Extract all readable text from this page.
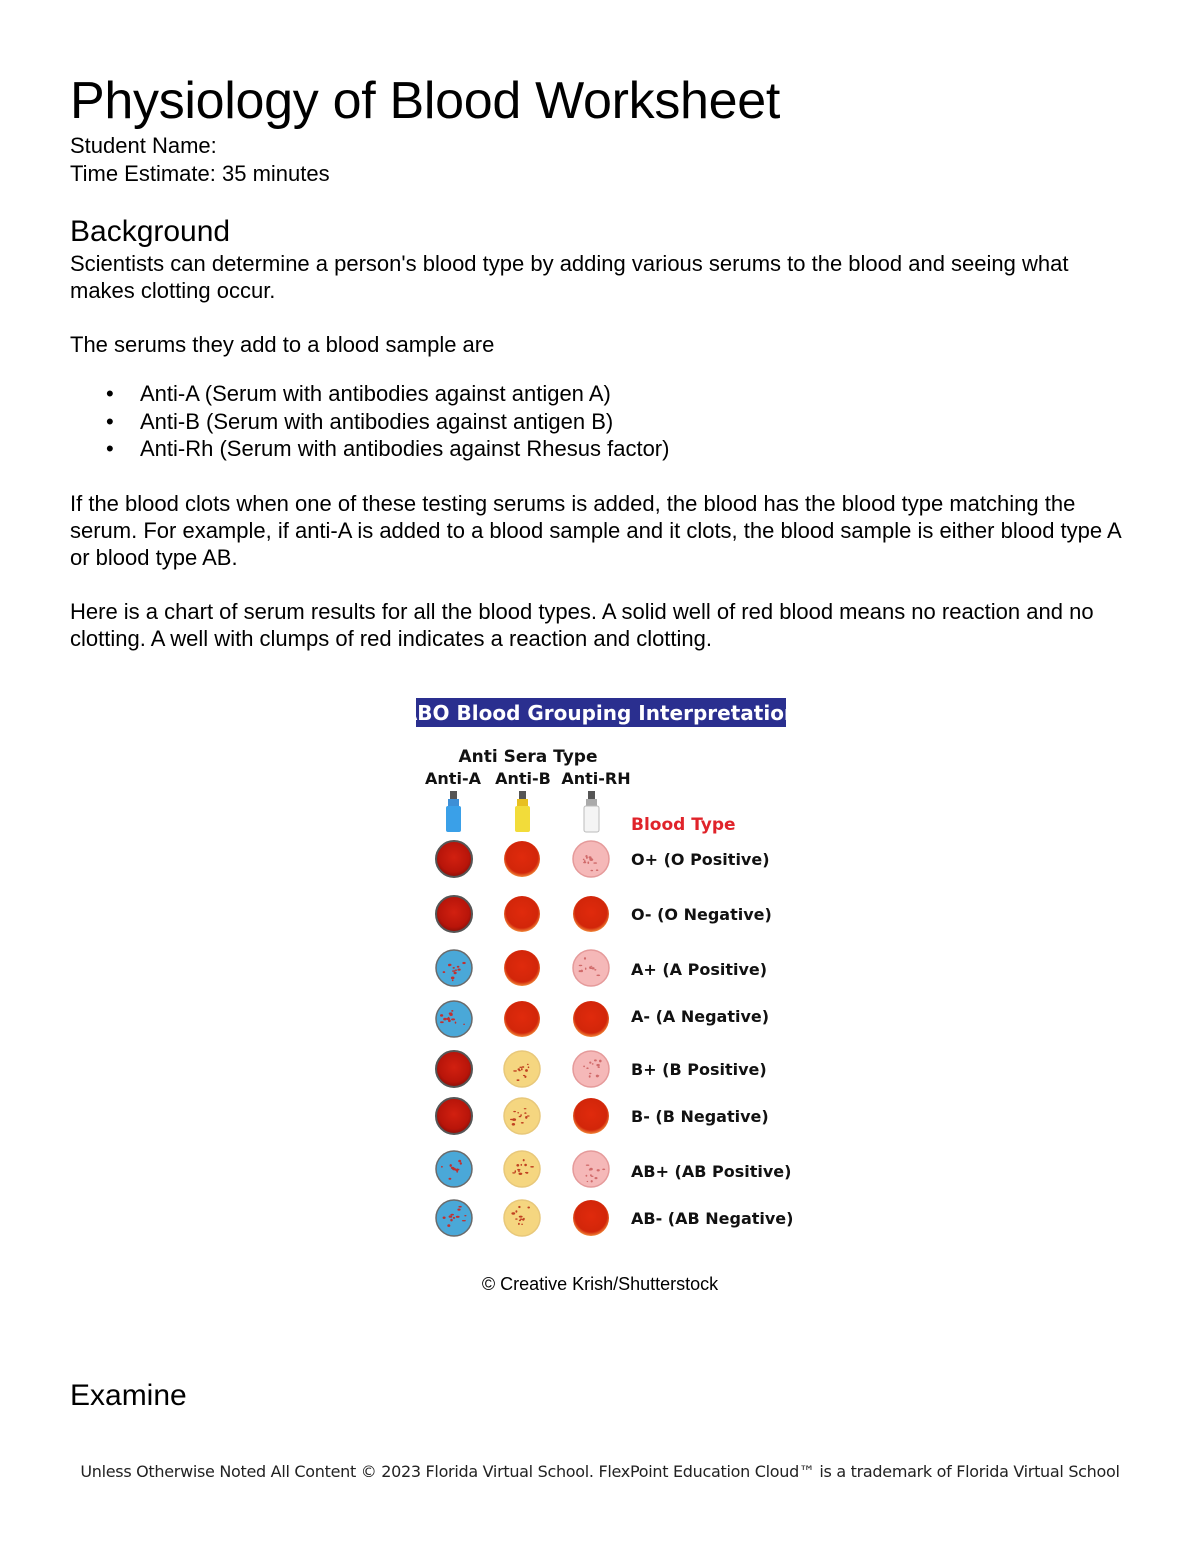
Physiology of Blood Worksheet
Student Name:
Time Estimate: 35 minutes
Background

Scientists can determine a person's blood type by adding various serums to the blood and seeing what makes clotting occur.

The serums they add to a blood sample are

• Anti-A (Serum with antibodies against antigen A)
• Anti-B (Serum with antibodies against antigen B)
• Anti-Rh (Serum with antibodies against Rhesus factor)

If the blood clots when one of these testing serums is added, the blood has the blood type matching the serum. For example, if anti-A is added to a blood sample and it clots, the blood sample is either blood type A or blood type AB.

Here is a chart of serum results for all the blood types. A solid well of red blood means no reaction and no clotting. A well with clumps of red indicates a reaction and clotting.

ABO Blood Grouping Interpretation
Anti Sera Type
Anti-A Anti-B Anti-RH
Blood Type
O+ (O Positive)
O- (O Negative)
A+ (A Positive)
A- (A Negative)
B+ (B Positive)
B- (B Negative)
AB+ (AB Positive)
AB- (AB Negative)
© Creative Krish/Shutterstock
Examine
Unless Otherwise Noted All Content © 2023 Florida Virtual School. FlexPoint Education Cloud™ is a trademark of Florida Virtual School
